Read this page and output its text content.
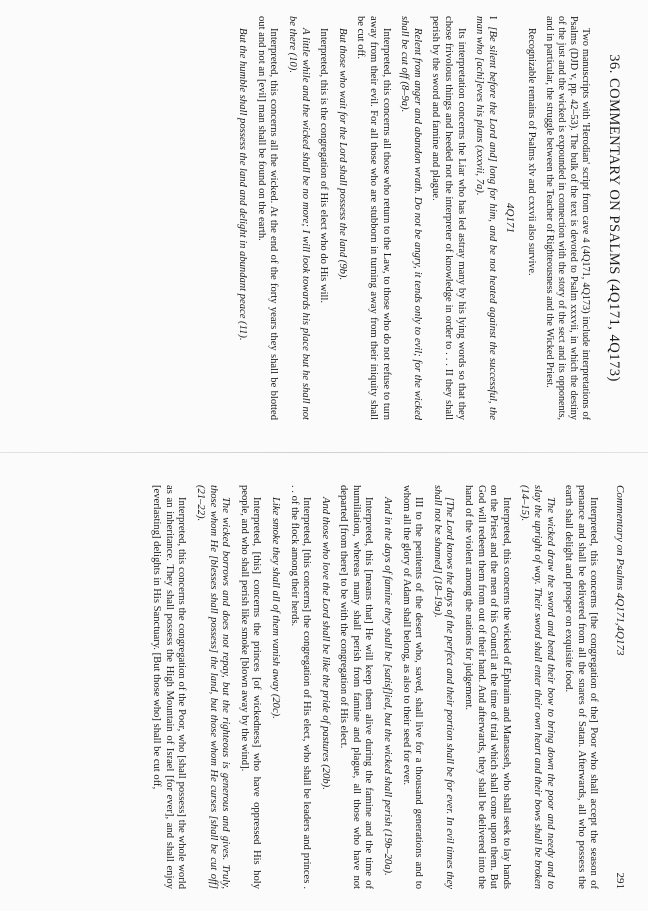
36. COMMENTARY ON PSALMS (4Q171, 4Q173)

Two manuscripts with 'Herodian' script from cave 4 (4Q171, 4Q173) include interpretations of Psalms (DJD v, pp. 42–53). The bulk of the text is devoted to Psalm xxxvii, in which the destiny of the just and the wicked is expounded in connection with the story of the sect and its opponents, and in particular, the struggle between the Teacher of Righteousness and the Wicked Priest.

Recognizable remains of Psalms xlv and cxxvii also survive.

4Q171

I  [Be silent before the Lord and] long for him, and be not heated against the successful, the man who [achi]eves his plans (xxxvii, 7a).

Its interpretation concerns the Liar who has led astray many by his lying words so that they chose frivolous things and heeded not the interpreter of knowledge in order to . . . II they shall perish by the sword and famine and plague.

Relent from anger and abandon wrath. Do not be angry, it tends only to evil; for the wicked shall be cut off (8–9a).

Interpreted, this concerns all those who return to the Law, to those who do not refuse to turn away from their evil. For all those who are stubborn in turning away from their iniquity shall be cut off.

But those who wait for the Lord shall possess the land (9b).

Interpreted, this is the congregation of His elect who do His will.

A little while and the wicked shall be no more; I will look towards his place but he shall not be there (10).

Interpreted, this concerns all the wicked. At the end of the forty years they shall be blotted out and not an [evil] man shall be found on the earth.

But the humble shall possess the land and delight in abundant peace (11).

Commentary on Psalms 4Q171,4Q173
291

Interpreted, this concerns [the congregation of the] Poor who shall accept the season of penance and shall be delivered from all the snares of Satan. Afterwards, all who possess the earth shall delight and prosper on exquisite food.

The wicked draw the sword and bend their bow to bring down the poor and needy and to slay the upright of way. Their sword shall enter their own heart and their bows shall be broken (14–15).

Interpreted, this concerns the wicked of Ephraim and Manasseh, who shall seek to lay hands on the Priest and the men of his Council at the time of trial which shall come upon them. But God will redeem them from out of their hand. And afterwards, they shall be delivered into the hand of the violent among the nations for judgement.

[The Lord knows the days of the perfect and their portion shall be for ever. In evil times they shall not be shamed] (18–19a).

III to the penitents of the desert who, saved, shall live for a thousand generations and to whom all the glory of Adam shall belong, as also to their seed for ever.

And in the days of famine they shall be [satisf]ied, but the wicked shall perish (19b–20a).

Interpreted, this [means that] He will keep them alive during the famine and the time of humiliation, whereas many shall perish from famine and plague, all those who have not departed [from there] to be with the congregation of His elect.

And those who love the Lord shall be like the pride of pastures (20b).

Interpreted, [this concerns] the congregation of His elect, who shall be leaders and princes . . . of the flock among their herds.

Like smoke they shall all of them vanish away (20c).

Interpreted, [this] concerns the princes [of wickedness] who have oppressed His holy people, and who shall perish like smoke [blown away by the wind].

The wicked borrows and does not repay, but the righteous is generous and gives. Truly, those whom He [blesses shall possess] the land, but those whom He curses [shall be cut off] (21–22).

Interpreted, this concerns the congregation of the Poor, who [shall possess] the whole world as an inheritance. They shall possess the High Mountain of Israel [for ever], and shall enjoy [everlasting] delights in His Sanctuary. [But those who] shall be cut off,
